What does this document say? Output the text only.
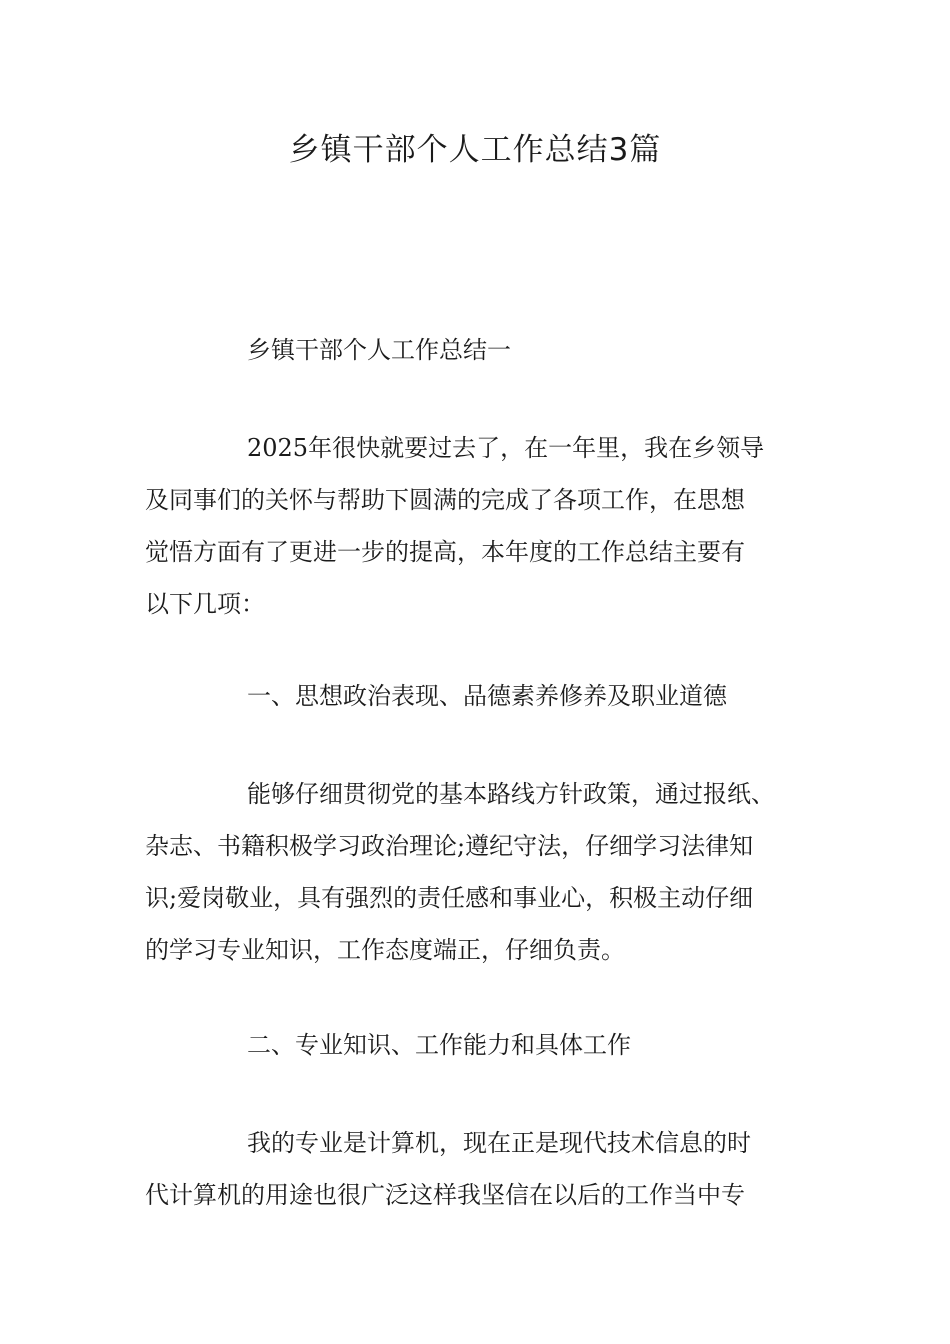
乡镇干部个人工作总结3篇

乡镇干部个人工作总结一

2025年很快就要过去了，在一年里，我在乡领导
及同事们的关怀与帮助下圆满的完成了各项工作，在思想
觉悟方面有了更进一步的提高，本年度的工作总结主要有
以下几项：

一、思想政治表现、品德素养修养及职业道德

能够仔细贯彻党的基本路线方针政策，通过报纸、
杂志、书籍积极学习政治理论;遵纪守法，仔细学习法律知
识;爱岗敬业，具有强烈的责任感和事业心，积极主动仔细
的学习专业知识，工作态度端正，仔细负责。

二、专业知识、工作能力和具体工作

我的专业是计算机，现在正是现代技术信息的时
代计算机的用途也很广泛这样我坚信在以后的工作当中专
